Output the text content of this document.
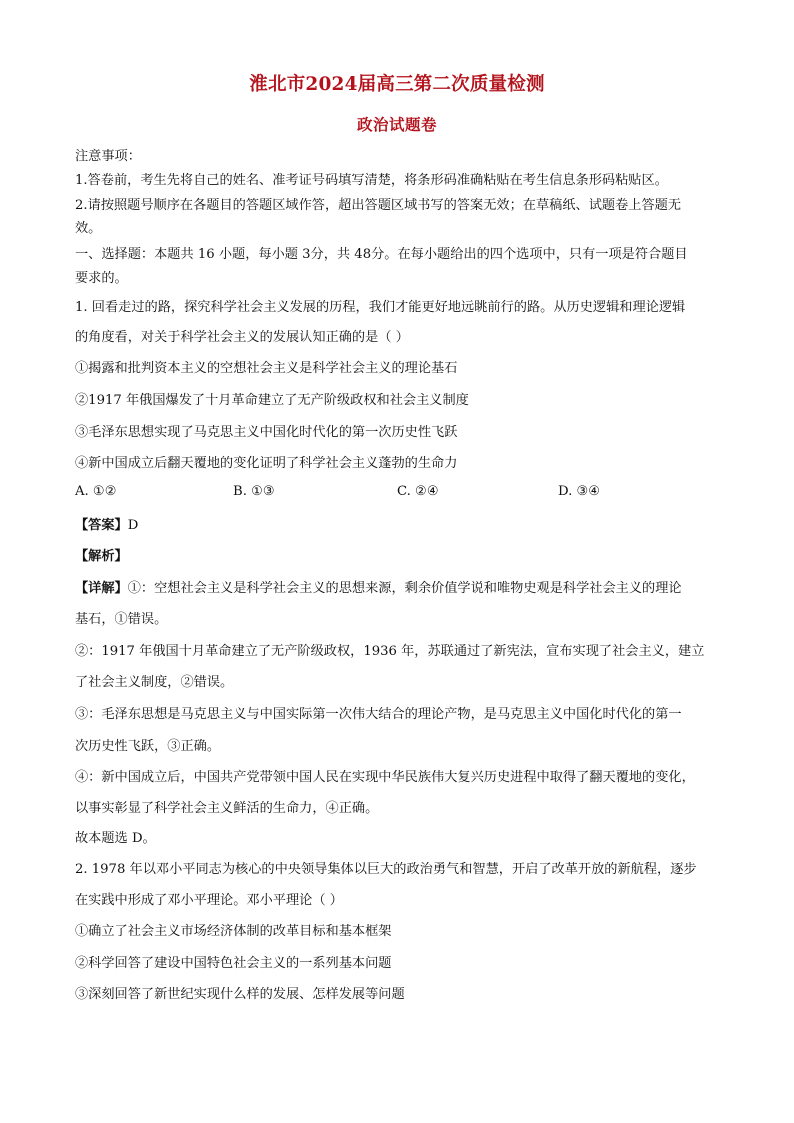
淮北市2024届高三第二次质量检测
政治试题卷
注意事项：
1.答卷前，考生先将自己的姓名、准考证号码填写清楚，将条形码准确粘贴在考生信息条形码粘贴区。
2.请按照题号顺序在各题目的答题区域作答，超出答题区域书写的答案无效；在草稿纸、试题卷上答题无
效。
一、选择题：本题共 16 小题，每小题 3分，共 48分。在每小题给出的四个选项中，只有一项是符合题目
要求的。
1. 回看走过的路，探究科学社会主义发展的历程，我们才能更好地远眺前行的路。从历史逻辑和理论逻辑
的角度看，对关于科学社会主义的发展认知正确的是（ ）
①揭露和批判资本主义的空想社会主义是科学社会主义的理论基石
②1917 年俄国爆发了十月革命建立了无产阶级政权和社会主义制度
③毛泽东思想实现了马克思主义中国化时代化的第一次历史性飞跃
④新中国成立后翻天覆地的变化证明了科学社会主义蓬勃的生命力
A. ①②	B. ①③	C. ②④	D. ③④
【答案】D
【解析】
【详解】①：空想社会主义是科学社会主义的思想来源，剩余价值学说和唯物史观是科学社会主义的理论
基石，①错误。
②：1917 年俄国十月革命建立了无产阶级政权，1936 年，苏联通过了新宪法，宣布实现了社会主义，建立
了社会主义制度，②错误。
③：毛泽东思想是马克思主义与中国实际第一次伟大结合的理论产物，是马克思主义中国化时代化的第一
次历史性飞跃，③正确。
④：新中国成立后，中国共产党带领中国人民在实现中华民族伟大复兴历史进程中取得了翻天覆地的变化，
以事实彰显了科学社会主义鲜活的生命力，④正确。
故本题选 D。
2. 1978 年以邓小平同志为核心的中央领导集体以巨大的政治勇气和智慧，开启了改革开放的新航程，逐步
在实践中形成了邓小平理论。邓小平理论（ ）
①确立了社会主义市场经济体制的改革目标和基本框架
②科学回答了建设中国特色社会主义的一系列基本问题
③深刻回答了新世纪实现什么样的发展、怎样发展等问题
